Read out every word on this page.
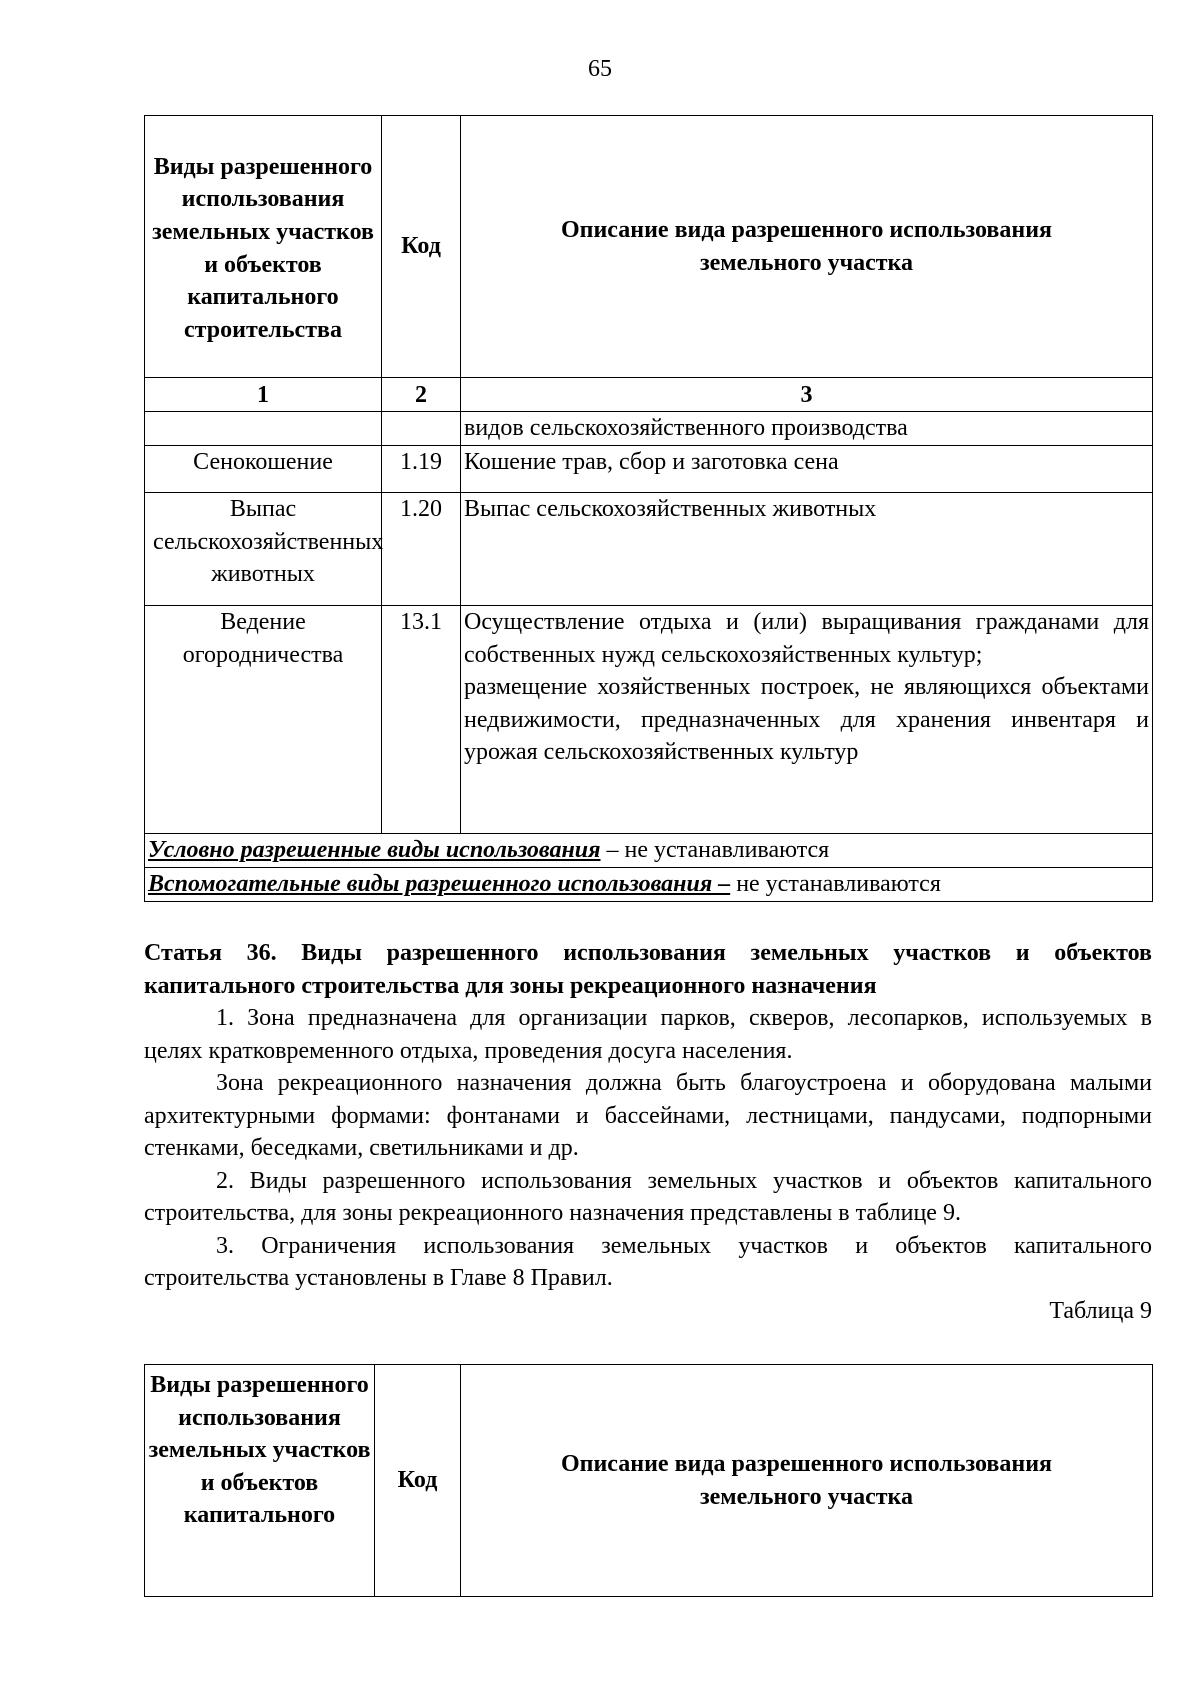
65
Виды разрешенного использования земельных участков и объектов капитального строительства	Код	Описание вида разрешенного использования земельного участка
1	2	3
		видов сельскохозяйственного производства
Сенокошение	1.19	Кошение трав, сбор и заготовка сена
Выпас сельскохозяйственных животных	1.20	Выпас сельскохозяйственных животных
Ведение огородничества	13.1	Осуществление отдыха и (или) выращивания гражданами для собственных нужд сельскохозяйственных культур;
размещение хозяйственных построек, не являющихся объектами недвижимости, предназначенных для хранения инвентаря и урожая сельскохозяйственных культур

Условно разрешенные виды использования – не устанавливаются		
Вспомогательные виды разрешенного использования – не устанавливаются		

Статья 36. Виды разрешенного использования земельных участков и объектов капитального строительства для зоны рекреационного назначения

1. Зона предназначена для организации парков, скверов, лесопарков, используемых в целях кратковременного отдыха, проведения досуга населения.

Зона рекреационного назначения должна быть благоустроена и оборудована малыми архитектурными формами: фонтанами и бассейнами, лестницами, пандусами, подпорными стенками, беседками, светильниками и др.

2. Виды разрешенного использования земельных участков и объектов капитального строительства, для зоны рекреационного назначения представлены в таблице 9.

3. Ограничения использования земельных участков и объектов капитального строительства установлены в Главе 8 Правил.

Таблица 9

Виды разрешенного использования земельных участков и объектов капитального	Код	Описание вида разрешенного использования земельного участка
